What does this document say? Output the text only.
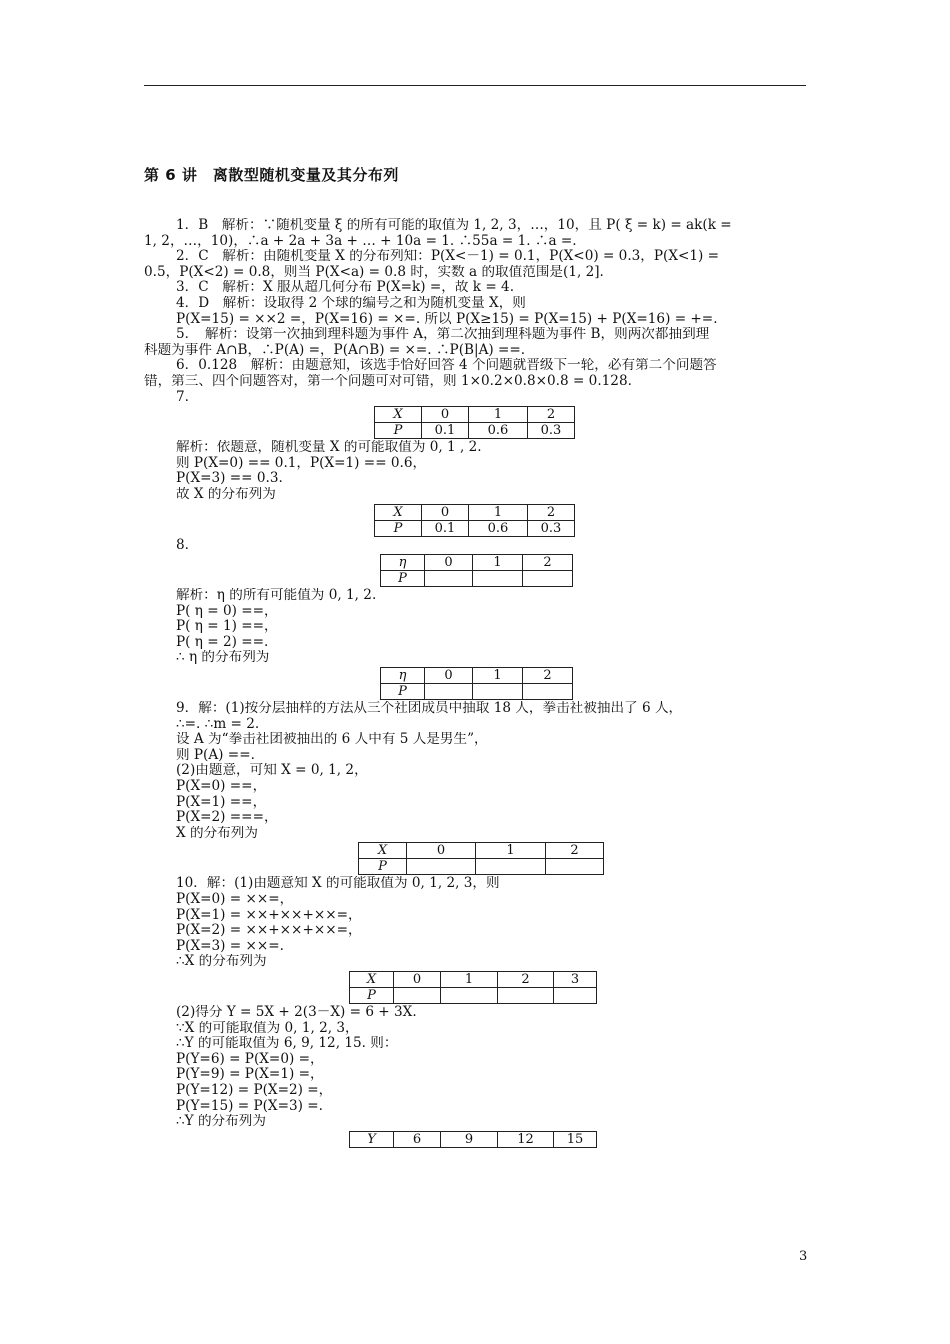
第 6 讲　离散型随机变量及其分布列
1．B　解析：∵随机变量 ξ 的所有可能的取值为 1, 2, 3，…，10，且 P( ξ = k) = ak(k =
1, 2，…，10)，∴a + 2a + 3a + … + 10a = 1. ∴55a = 1. ∴a =.
2．C　解析：由随机变量 X 的分布列知：P(X<－1) = 0.1，P(X<0) = 0.3，P(X<1) =
0.5，P(X<2) = 0.8，则当 P(X<a) = 0.8 时，实数 a 的取值范围是(1, 2].
3．C　解析：X 服从超几何分布 P(X=k) =，故 k = 4.
4．D　解析：设取得 2 个球的编号之和为随机变量 X，则
P(X=15) = ××2 =，P(X=16) = ×=. 所以 P(X≥15) = P(X=15) + P(X=16) = +=.
5．　解析：设第一次抽到理科题为事件 A，第二次抽到理科题为事件 B，则两次都抽到理
科题为事件 A∩B，∴P(A) =，P(A∩B) = ×=. ∴P(B|A) ==.
6．0.128　解析：由题意知，该选手恰好回答 4 个问题就晋级下一轮，必有第二个问题答
错，第三、四个问题答对，第一个问题可对可错，则 1×0.2×0.8×0.8 = 0.128.
7.
X	0	1	2
P	0.1	0.6	0.3
解析：依题意，随机变量 X 的可能取值为 0, 1 , 2.
则 P(X=0) == 0.1，P(X=1) == 0.6，
P(X=3) == 0.3.
故 X 的分布列为
X	0	1	2
P	0.1	0.6	0.3
8.
η	0	1	2
P			
解析：η 的所有可能值为 0, 1, 2.
P( η = 0) ==，
P( η = 1) ==，
P( η = 2) ==.
∴ η 的分布列为
η	0	1	2
P			
9．解：(1)按分层抽样的方法从三个社团成员中抽取 18 人，拳击社被抽出了 6 人，
∴=. ∴m = 2.
设 A 为“拳击社团被抽出的 6 人中有 5 人是男生”，
则 P(A) ==.
(2)由题意，可知 X = 0, 1, 2，
P(X=0) ==，
P(X=1) ==，
P(X=2) ===，
X 的分布列为
X	0	1	2
P			
10．解：(1)由题意知 X 的可能取值为 0, 1, 2, 3，则
P(X=0) = ××=，
P(X=1) = ××+××+××=，
P(X=2) = ××+××+××=，
P(X=3) = ××=.
∴X 的分布列为
X	0	1	2	3
P				
(2)得分 Y = 5X + 2(3－X) = 6 + 3X.
∵X 的可能取值为 0, 1, 2, 3，
∴Y 的可能取值为 6, 9, 12, 15. 则：
P(Y=6) = P(X=0) =，
P(Y=9) = P(X=1) =，
P(Y=12) = P(X=2) =，
P(Y=15) = P(X=3) =.
∴Y 的分布列为
Y	6	9	12	15
3
